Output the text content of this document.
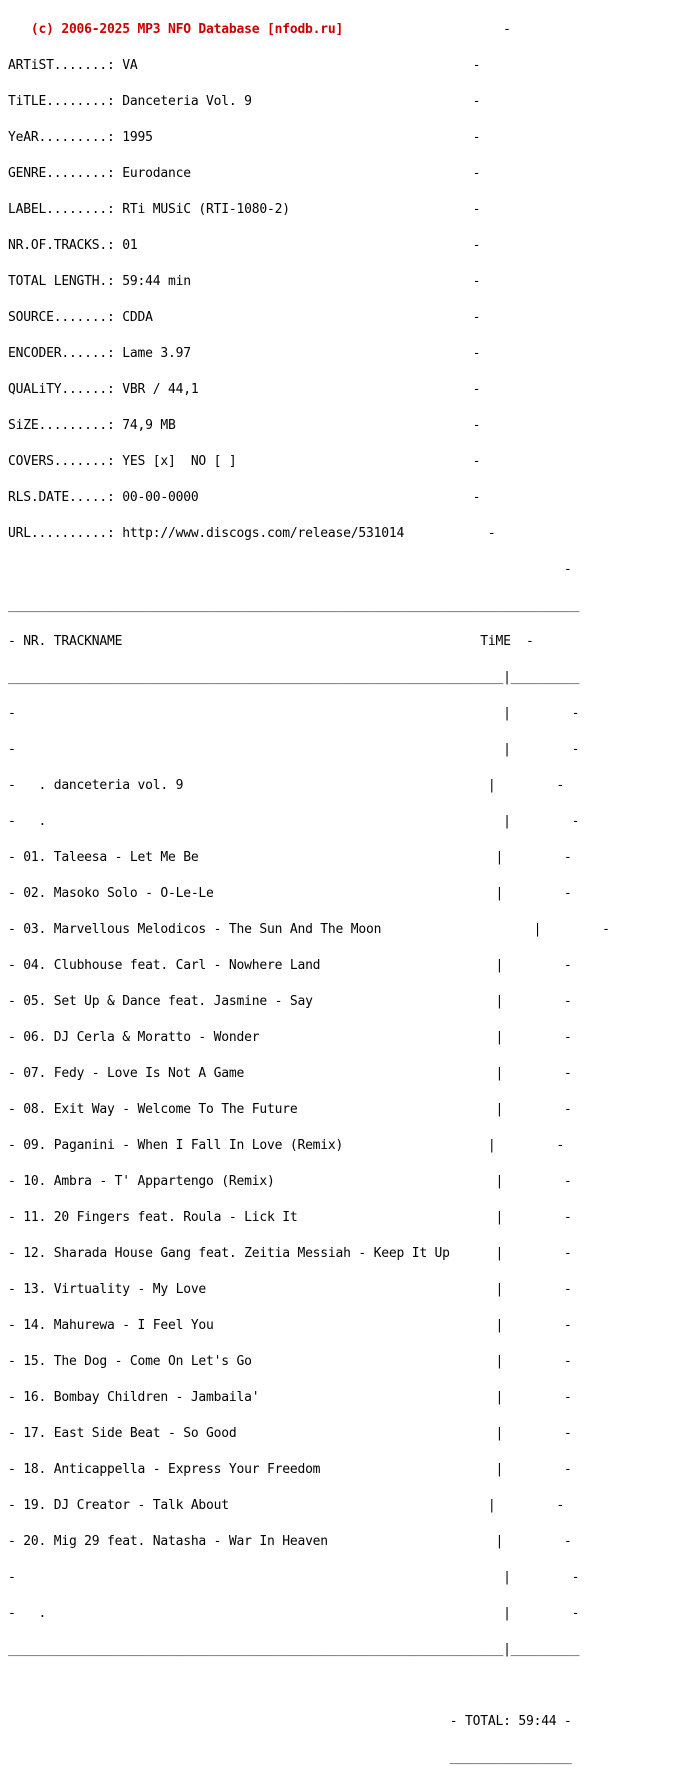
(c) 2006-2025 MP3 NFO Database [nfodb.ru]                     -

ARTiST.......: VA                                            -

TiTLE........: Danceteria Vol. 9                             -

YeAR.........: 1995                                          -

GENRE........: Eurodance                                     -

LABEL........: RTi MUSiC (RTI-1080-2)                        -

NR.OF.TRACKS.: 01                                            -

TOTAL LENGTH.: 59:44 min                                     -

SOURCE.......: CDDA                                          -

ENCODER......: Lame 3.97                                     -

QUALiTY......: VBR / 44,1                                    -

SiZE.........: 74,9 MB                                       -

COVERS.......: YES [x]  NO [ ]                               -

RLS.DATE.....: 00-00-0000                                    -

URL..........: http://www.discogs.com/release/531014           -

-

___________________________________________________________________________

- NR. TRACKNAME	TiME  -

_________________________________________________________________|_________

-                                                                |        -

-                                                                |        -

-   . danceteria vol. 9                                        |        -

-   .                                                            |        -

- 01. Taleesa - Let Me Be                                       |        -

- 02. Masoko Solo - O-Le-Le                                     |        -

- 03. Marvellous Melodicos - The Sun And The Moon                    |        -

- 04. Clubhouse feat. Carl - Nowhere Land                       |        -

- 05. Set Up & Dance feat. Jasmine - Say                        |        -

- 06. DJ Cerla & Moratto - Wonder                               |        -

- 07. Fedy - Love Is Not A Game                                 |        -

- 08. Exit Way - Welcome To The Future                          |        -

- 09. Paganini - When I Fall In Love (Remix)                   |        -

- 10. Ambra - T' Appartengo (Remix)                             |        -

- 11. 20 Fingers feat. Roula - Lick It                          |        -

- 12. Sharada House Gang feat. Zeitia Messiah - Keep It Up      |        -

- 13. Virtuality - My Love                                      |        -

- 14. Mahurewa - I Feel You                                     |        -

- 15. The Dog - Come On Let's Go                                |        -

- 16. Bombay Children - Jambaila'                               |        -

- 17. East Side Beat - So Good                                  |        -

- 18. Anticappella - Express Your Freedom                       |        -

- 19. DJ Creator - Talk About                                  |        -

- 20. Mig 29 feat. Natasha - War In Heaven                      |        -

-                                                                |        -

-   .                                                            |        -

_________________________________________________________________|_________

- TOTAL: 59:44 -

________________
